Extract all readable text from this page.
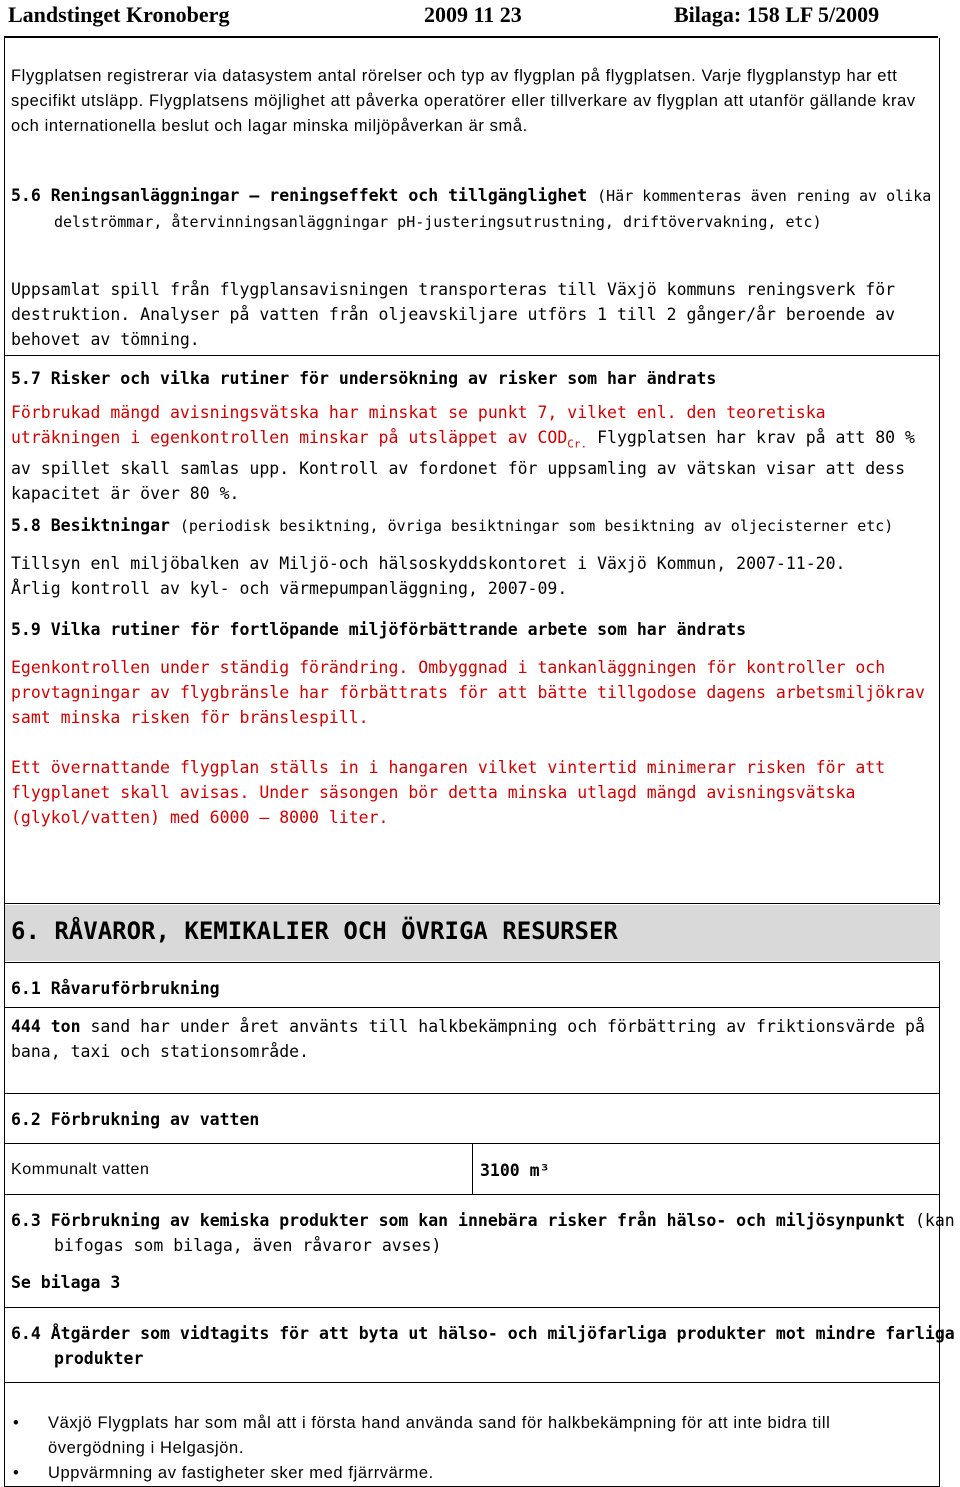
Landstinget Kronoberg	2009 11 23	Bilaga: 158 LF 5/2009
Flygplatsen registrerar via datasystem antal rörelser och typ av flygplan på flygplatsen. Varje flygplanstyp har ett specifikt utsläpp. Flygplatsens möjlighet att påverka operatörer eller tillverkare av flygplan att utanför gällande krav och internationella beslut och lagar minska miljöpåverkan är små.
5.6 Reningsanläggningar – reningseffekt och tillgänglighet (Här kommenteras även rening av olika delströmmar, återvinningsanläggningar pH-justeringsutrustning, driftövervakning, etc)
Uppsamlat spill från flygplansavisningen transporteras till Växjö kommuns reningsverk för destruktion. Analyser på vatten från oljeavskiljare utförs 1 till 2 gånger/år beroende av behovet av tömning.
5.7 Risker och vilka rutiner för undersökning av risker som har ändrats
Förbrukad mängd avisningsvätska har minskat se punkt 7, vilket enl. den teoretiska uträkningen i egenkontrollen minskar på utsläppet av $COD_{Cr.}$ Flygplatsen har krav på att 80 % av spillet skall samlas upp. Kontroll av fordonet för uppsamling av vätskan visar att dess kapacitet är över 80 %.
5.8 Besiktningar (periodisk besiktning, övriga besiktningar som besiktning av oljecisterner etc)
Tillsyn enl miljöbalken av Miljö-och hälsoskyddskontoret i Växjö Kommun, 2007-11-20.
Årlig kontroll av kyl- och värmepumpanläggning, 2007-09.
5.9 Vilka rutiner för fortlöpande miljöförbättrande arbete som har ändrats
Egenkontrollen under ständig förändring. Ombyggnad i tankanläggningen för kontroller och provtagningar av flygbränsle har förbättrats för att bätte tillgodose dagens arbetsmiljökrav samt minska risken för bränslespill.
Ett övernattande flygplan ställs in i hangaren vilket vintertid minimerar risken för att flygplanet skall avisas. Under säsongen bör detta minska utlagd mängd avisningsvätska (glykol/vatten) med 6000 – 8000 liter.
6. RÅVAROR, KEMIKALIER OCH ÖVRIGA RESURSER
6.1 Råvaruförbrukning
444 ton sand har under året använts till halkbekämpning och förbättring av friktionsvärde på bana, taxi och stationsområde.
6.2 Förbrukning av vatten
Kommunalt vatten	3100 m³
6.3 Förbrukning av kemiska produkter som kan innebära risker från hälso- och miljösynpunkt (kan bifogas som bilaga, även råvaror avses)
Se bilaga 3
6.4 Åtgärder som vidtagits för att byta ut hälso- och miljöfarliga produkter mot mindre farliga produkter
• Växjö Flygplats har som mål att i första hand använda sand för halkbekämpning för att inte bidra till övergödning i Helgasjön.
• Uppvärmning av fastigheter sker med fjärrvärme.
